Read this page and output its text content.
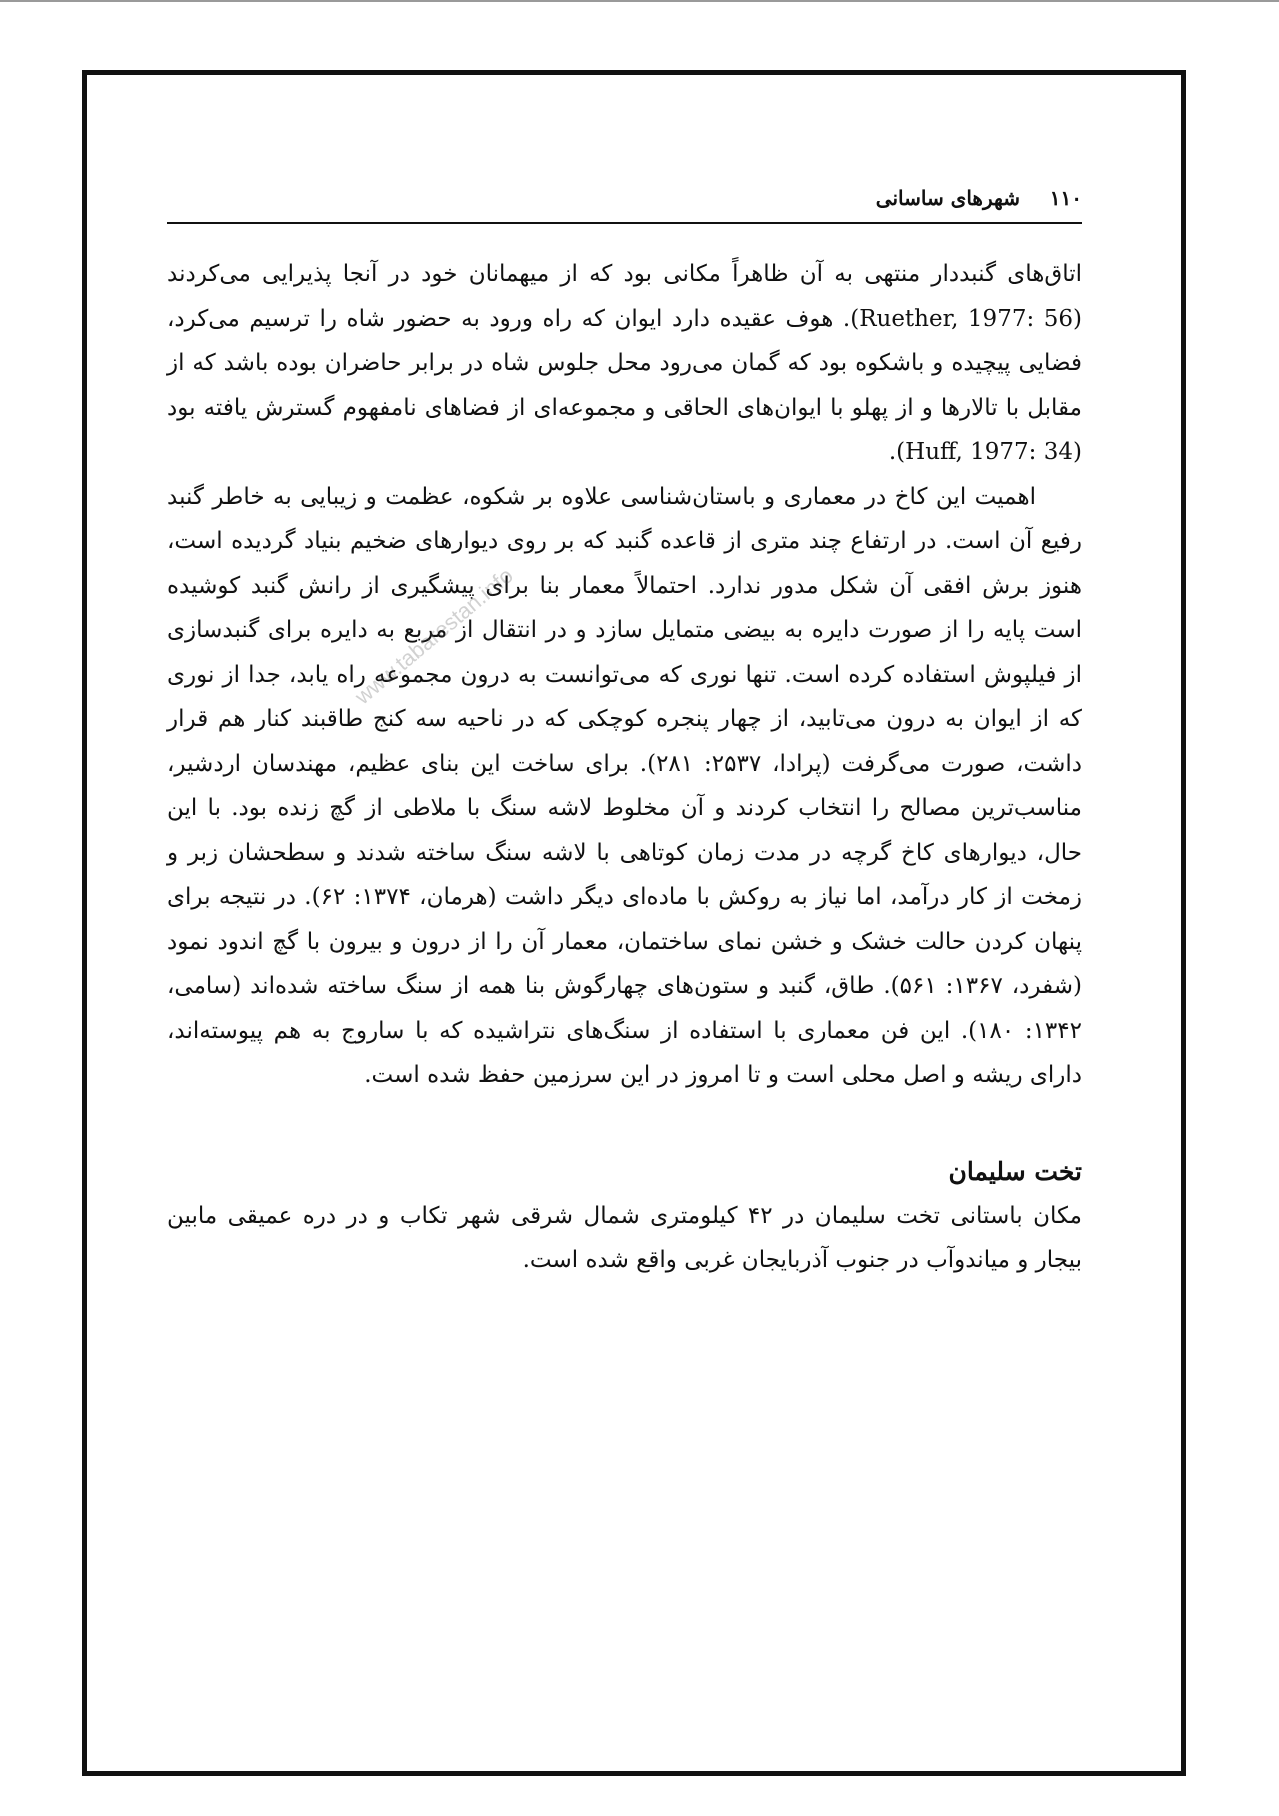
۱۱۰
شهرهای ساسانی

اتاق‌های گنبددار منتهی به آن ظاهراً مکانی بود که از میهمانان خود در آنجا پذیرایی می‌کردند (Ruether, 1977: 56). هوف عقیده دارد ایوان که راه ورود به حضور شاه را ترسیم می‌کرد، فضایی پیچیده و باشکوه بود که گمان می‌رود محل جلوس شاه در برابر حاضران بوده باشد که از مقابل با تالارها و از پهلو با ایوان‌های الحاقی و مجموعه‌ای از فضاهای نامفهوم گسترش یافته بود (Huff, 1977: 34).

اهمیت این کاخ در معماری و باستان‌شناسی علاوه بر شکوه، عظمت و زیبایی به خاطر گنبد رفیع آن است. در ارتفاع چند متری از قاعده گنبد که بر روی دیوارهای ضخیم بنیاد گردیده است، هنوز برش افقی آن شکل مدور ندارد. احتمالاً معمار بنا برای پیشگیری از رانش گنبد کوشیده است پایه را از صورت دایره به بیضی متمایل سازد و در انتقال از مربع به دایره برای گنبدسازی از فیلپوش استفاده کرده است. تنها نوری که می‌توانست به درون مجموعه راه یابد، جدا از نوری که از ایوان به درون می‌تابید، از چهار پنجره کوچکی که در ناحیه سه کنج طاقبند کنار هم قرار داشت، صورت می‌گرفت (پرادا، ۲۵۳۷: ۲۸۱). برای ساخت این بنای عظیم، مهندسان اردشیر، مناسب‌ترین مصالح را انتخاب کردند و آن مخلوط لاشه سنگ با ملاطی از گچ زنده بود. با این حال، دیوارهای کاخ گرچه در مدت زمان کوتاهی با لاشه سنگ ساخته شدند و سطحشان زبر و زمخت از کار درآمد، اما نیاز به روکش با ماده‌ای دیگر داشت (هرمان، ۱۳۷۴: ۶۲). در نتیجه برای پنهان کردن حالت خشک و خشن نمای ساختمان، معمار آن را از درون و بیرون با گچ اندود نمود (شفرد، ۱۳۶۷: ۵۶۱). طاق، گنبد و ستون‌های چهارگوش بنا همه از سنگ ساخته شده‌اند (سامی، ۱۳۴۲: ۱۸۰). این فن معماری با استفاده از سنگ‌های نتراشیده که با ساروج به هم پیوسته‌اند، دارای ریشه و اصل محلی است و تا امروز در این سرزمین حفظ شده است.

تخت سلیمان

مکان باستانی تخت سلیمان در ۴۲ کیلومتری شمال شرقی شهر تکاب و در دره عمیقی مابین بیجار و میاندوآب در جنوب آذربایجان غربی واقع شده است.

www.tabarestan.info
